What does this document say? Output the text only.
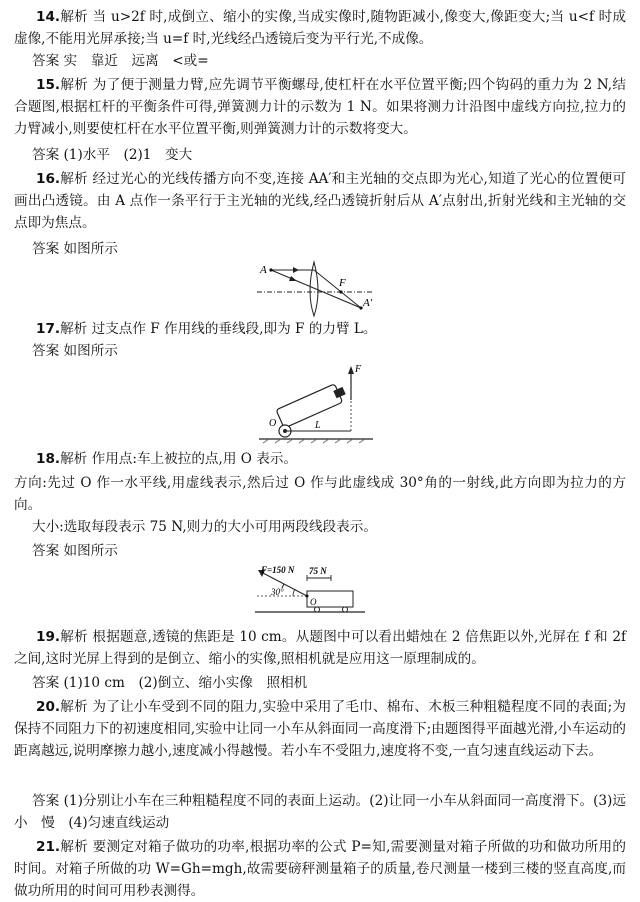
14.解析 当 u>2f 时,成倒立、缩小的实像,当成实像时,随物距减小,像变大,像距变大;当 u<f 时成虚像,不能用光屏承接;当 u=f 时,光线经凸透镜后变为平行光,不成像。

答案 实　靠近　远离　<或=

15.解析 为了便于测量力臂,应先调节平衡螺母,使杠杆在水平位置平衡;四个钩码的重力为 2 N,结合题图,根据杠杆的平衡条件可得,弹簧测力计的示数为 1 N。如果将测力计沿图中虚线方向拉,拉力的力臂减小,则要使杠杆在水平位置平衡,则弹簧测力计的示数将变大。

答案 (1)水平　(2)1　变大

16.解析 经过光心的光线传播方向不变,连接 AA′和主光轴的交点即为光心,知道了光心的位置便可画出凸透镜。由 A 点作一条平行于主光轴的光线,经凸透镜折射后从 A′点射出,折射光线和主光轴的交点即为焦点。

答案 如图所示

A
F
A′

17.解析 过支点作 F 作用线的垂线段,即为 F 的力臂 L。

答案 如图所示

F
O	L

18.解析 作用点:车上被拉的点,用 O 表示。

方向:先过 O 作一水平线,用虚线表示,然后过 O 作与此虚线成 30°角的一射线,此方向即为拉力的方向。

大小:选取每段表示 75 N,则力的大小可用两段线段表示。

答案 如图所示

F=150 N 75 N
30°
O

19.解析 根据题意,透镜的焦距是 10 cm。从题图中可以看出蜡烛在 2 倍焦距以外,光屏在 f 和 2f 之间,这时光屏上得到的是倒立、缩小的实像,照相机就是应用这一原理制成的。

答案 (1)10 cm　(2)倒立、缩小实像　照相机

20.解析 为了让小车受到不同的阻力,实验中采用了毛巾、棉布、木板三种粗糙程度不同的表面;为保持不同阻力下的初速度相同,实验中让同一小车从斜面同一高度滑下;由题图得平面越光滑,小车运动的距离越远,说明摩擦力越小,速度减小得越慢。若小车不受阻力,速度将不变,一直匀速直线运动下去。

答案 (1)分别让小车在三种粗糙程度不同的表面上运动。(2)让同一小车从斜面同一高度滑下。(3)远　小　慢　(4)匀速直线运动

21.解析 要测定对箱子做功的功率,根据功率的公式 P=知,需要测量对箱子所做的功和做功所用的时间。对箱子所做的功 W=Gh=mgh,故需要磅秤测量箱子的质量,卷尺测量一楼到三楼的竖直高度,而做功所用的时间可用秒表测得。
